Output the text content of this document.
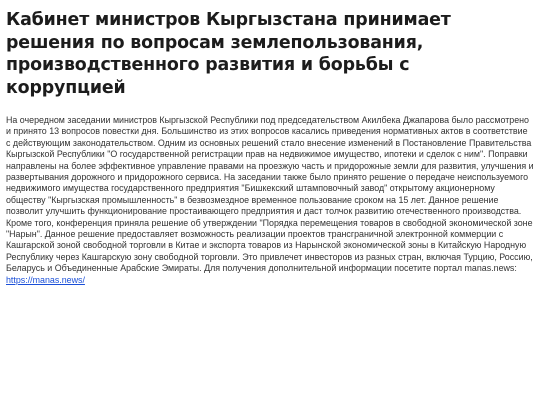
Кабинет министров Кыргызстана принимает решения по вопросам землепользования, производственного развития и борьбы с коррупцией

На очередном заседании министров Кыргызской Республики под председательством Акилбека Джапарова было рассмотрено и принято 13 вопросов повестки дня. Большинство из этих вопросов касались приведения нормативных актов в соответствие с действующим законодательством. Одним из основных решений стало внесение изменений в Постановление Правительства Кыргызской Республики "О государственной регистрации прав на недвижимое имущество, ипотеки и сделок с ним". Поправки направлены на более эффективное управление правами на проезжую часть и придорожные земли для развития, улучшения и развертывания дорожного и придорожного сервиса. На заседании также было принято решение о передаче неиспользуемого недвижимого имущества государственного предприятия "Бишкекский штамповочный завод" открытому акционерному обществу "Кыргызская промышленность" в безвозмездное временное пользование сроком на 15 лет. Данное решение позволит улучшить функционирование простаивающего предприятия и даст толчок развитию отечественного производства. Кроме того, конференция приняла решение об утверждении "Порядка перемещения товаров в свободной экономической зоне "Нарын". Данное решение предоставляет возможность реализации проектов трансграничной электронной коммерции с Кашгарской зоной свободной торговли в Китае и экспорта товаров из Нарынской экономической зоны в Китайскую Народную Республику через Кашгарскую зону свободной торговли. Это привлечет инвесторов из разных стран, включая Турцию, Россию, Беларусь и Объединенные Арабские Эмираты. Для получения дополнительной информации посетите портал manas.news:
https://manas.news/
